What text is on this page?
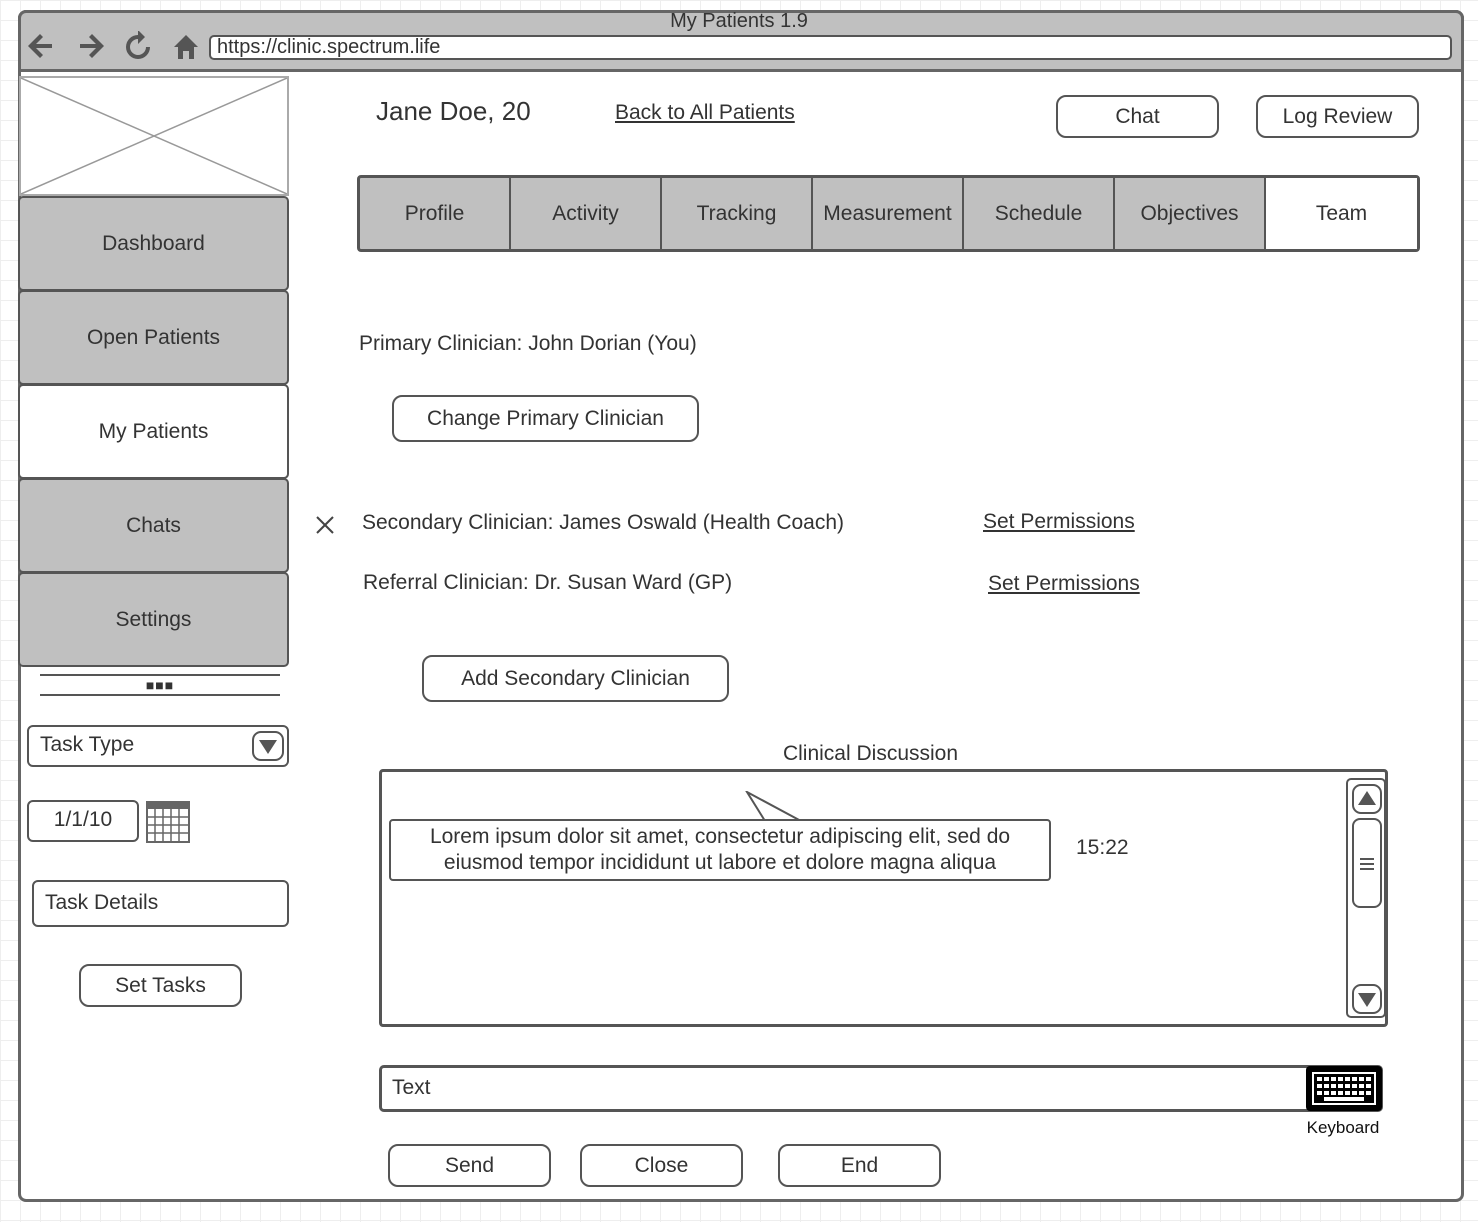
My Patients 1.9
https://clinic.spectrum.life
Dashboard
Open Patients
My Patients
Chats
Settings
■■■
Task Type
1/1/10
Task Details
Set Tasks
Jane Doe, 20	Back to All Patients	Chat	Log Review
Profile	Activity	Tracking	Measurement	Schedule	Objectives	Team
Primary Clinician: John Dorian (You)
Change Primary Clinician
Secondary Clinician: James Oswald (Health Coach)	Set Permissions
Referral Clinician: Dr. Susan Ward (GP)	Set Permissions
Add Secondary Clinician
Clinical Discussion
Lorem ipsum dolor sit amet, consectetur adipiscing elit, sed do
eiusmod tempor incididunt ut labore et dolore magna aliqua
15:22
Text
Keyboard
Send	Close	End
